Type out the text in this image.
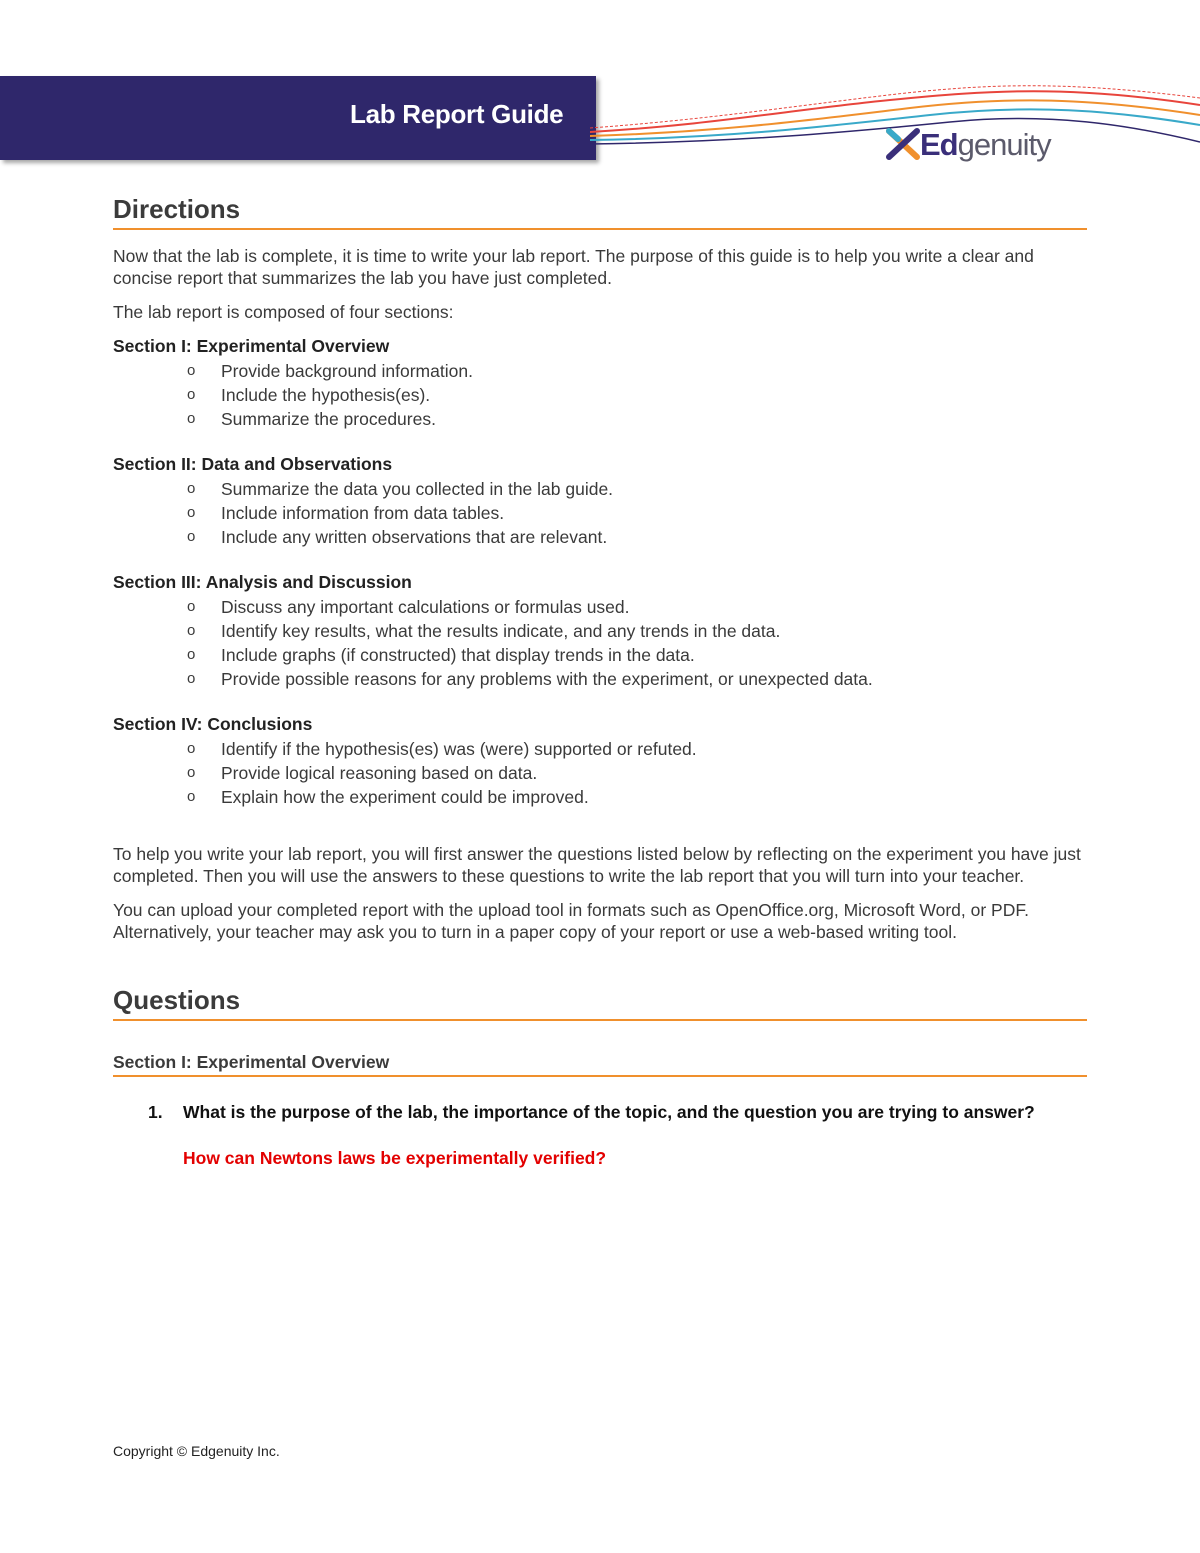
Lab Report Guide
Edgenuity
Directions

Now that the lab is complete, it is time to write your lab report. The purpose of this guide is to help you write a clear and concise report that summarizes the lab you have just completed.

The lab report is composed of four sections:

Section I: Experimental Overview
o Provide background information.
o Include the hypothesis(es).
o Summarize the procedures.
Section II: Data and Observations
o Summarize the data you collected in the lab guide.
o Include information from data tables.
o Include any written observations that are relevant.
Section III: Analysis and Discussion
o Discuss any important calculations or formulas used.
o Identify key results, what the results indicate, and any trends in the data.
o Include graphs (if constructed) that display trends in the data.
o Provide possible reasons for any problems with the experiment, or unexpected data.
Section IV: Conclusions
o Identify if the hypothesis(es) was (were) supported or refuted.
o Provide logical reasoning based on data.
o Explain how the experiment could be improved.

To help you write your lab report, you will first answer the questions listed below by reflecting on the experiment you have just completed. Then you will use the answers to these questions to write the lab report that you will turn into your teacher.

You can upload your completed report with the upload tool in formats such as OpenOffice.org, Microsoft Word, or PDF. Alternatively, your teacher may ask you to turn in a paper copy of your report or use a web-based writing tool.

Questions
Section I: Experimental Overview
1. What is the purpose of the lab, the importance of the topic, and the question you are trying to answer?
How can Newtons laws be experimentally verified?
Copyright © Edgenuity Inc.
